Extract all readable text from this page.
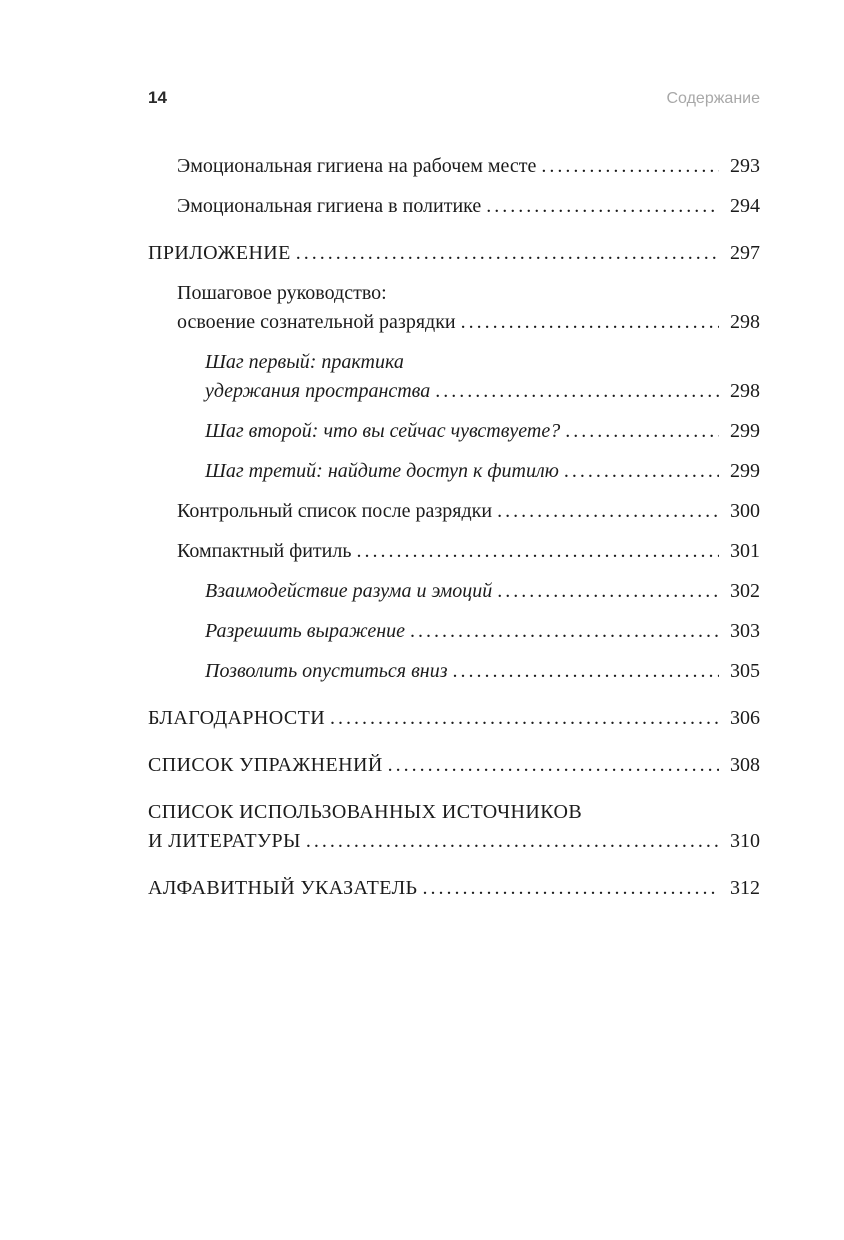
14	Содержание
Эмоциональная гигиена на рабочем месте .....	293
Эмоциональная гигиена в политике .....	294
ПРИЛОЖЕНИЕ .....	297
Пошаговое руководство:
освоение сознательной разрядки .....	298
Шаг первый: практика
удержания пространства .....	298
Шаг второй: что вы сейчас чувствуете? .....	299
Шаг третий: найдите доступ к фитилю .....	299
Контрольный список после разрядки .....	300
Компактный фитиль .....	301
Взаимодействие разума и эмоций .....	302
Разрешить выражение .....	303
Позволить опуститься вниз .....	305
БЛАГОДАРНОСТИ .....	306
СПИСОК УПРАЖНЕНИЙ .....	308
СПИСОК ИСПОЛЬЗОВАННЫХ ИСТОЧНИКОВ
И ЛИТЕРАТУРЫ .....	310
АЛФАВИТНЫЙ УКАЗАТЕЛЬ .....	312
